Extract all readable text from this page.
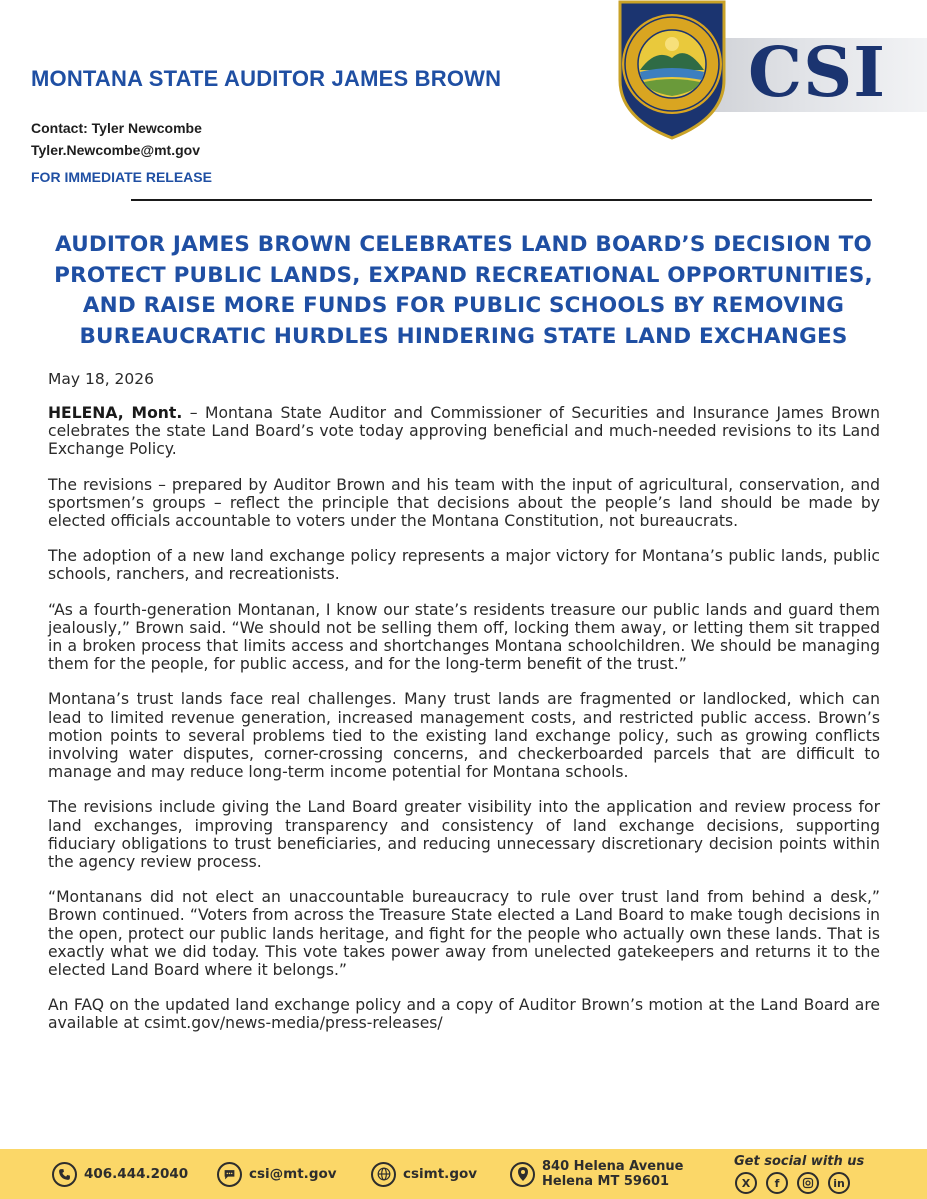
MONTANA STATE AUDITOR JAMES BROWN
Contact: Tyler Newcombe
Tyler.Newcombe@mt.gov
FOR IMMEDIATE RELEASE
CSI
AUDITOR JAMES BROWN CELEBRATES LAND BOARD’S DECISION TO PROTECT PUBLIC LANDS, EXPAND RECREATIONAL OPPORTUNITIES, AND RAISE MORE FUNDS FOR PUBLIC SCHOOLS BY REMOVING BUREAUCRATIC HURDLES HINDERING STATE LAND EXCHANGES
May 18, 2026

HELENA, Mont. – Montana State Auditor and Commissioner of Securities and Insurance James Brown celebrates the state Land Board’s vote today approving beneficial and much-needed revisions to its Land Exchange Policy.

The revisions – prepared by Auditor Brown and his team with the input of agricultural, conservation, and sportsmen’s groups – reflect the principle that decisions about the people’s land should be made by elected officials accountable to voters under the Montana Constitution, not bureaucrats.

The adoption of a new land exchange policy represents a major victory for Montana’s public lands, public schools, ranchers, and recreationists.

“As a fourth-generation Montanan, I know our state’s residents treasure our public lands and guard them jealously,” Brown said. “We should not be selling them off, locking them away, or letting them sit trapped in a broken process that limits access and shortchanges Montana schoolchildren. We should be managing them for the people, for public access, and for the long-term benefit of the trust.”

Montana’s trust lands face real challenges. Many trust lands are fragmented or landlocked, which can lead to limited revenue generation, increased management costs, and restricted public access. Brown’s motion points to several problems tied to the existing land exchange policy, such as growing conflicts involving water disputes, corner-crossing concerns, and checkerboarded parcels that are difficult to manage and may reduce long-term income potential for Montana schools.

The revisions include giving the Land Board greater visibility into the application and review process for land exchanges, improving transparency and consistency of land exchange decisions, supporting fiduciary obligations to trust beneficiaries, and reducing unnecessary discretionary decision points within the agency review process.

“Montanans did not elect an unaccountable bureaucracy to rule over trust land from behind a desk,” Brown continued. “Voters from across the Treasure State elected a Land Board to make tough decisions in the open, protect our public lands heritage, and fight for the people who actually own these lands. That is exactly what we did today. This vote takes power away from unelected gatekeepers and returns it to the elected Land Board where it belongs.”

An FAQ on the updated land exchange policy and a copy of Auditor Brown’s motion at the Land Board are available at csimt.gov/news-media/press-releases/

406.444.2040	csi@mt.gov	csimt.gov	840 Helena Avenue
Helena MT 59601
Get social with us
X	f	in
